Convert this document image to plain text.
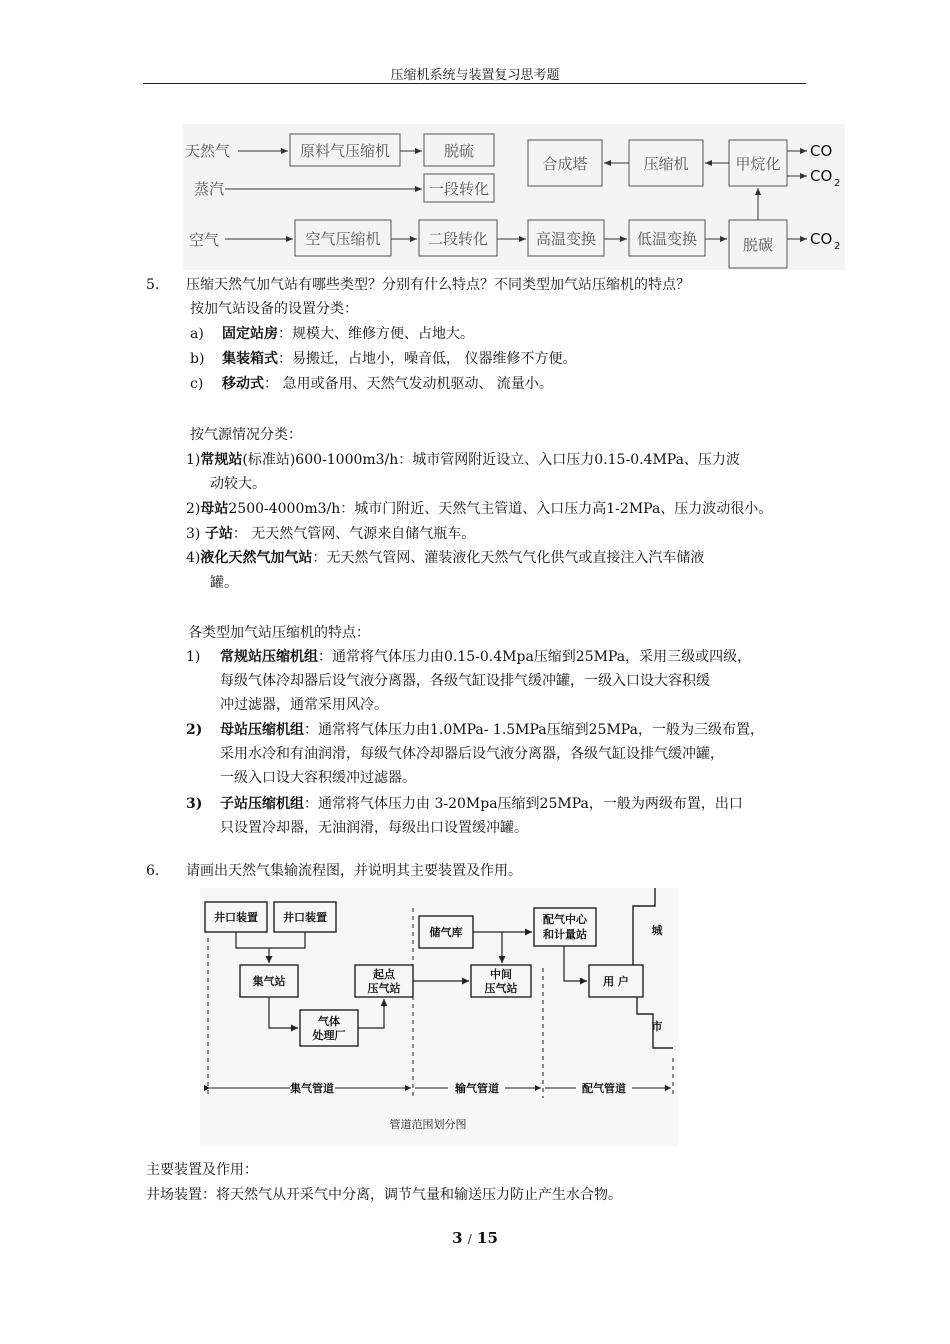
压缩机系统与装置复习思考题
天然气
蒸汽
空气
原料气压缩机	脱硫
一段转化
合成塔	压缩机	甲烷化
空气压缩机	二段转化	高温变换	低温变换	脱碳
CO
CO 2
CO 2
5. 压缩天然气加气站有哪些类型？分别有什么特点？不同类型加气站压缩机的特点？
按加气站设备的设置分类：
a) 固定站房：规模大、维修方便、占地大。
b) 集装箱式：易搬迁，占地小，噪音低， 仪器维修不方便。
c) 移动式： 急用或备用、天然气发动机驱动、 流量小。
按气源情况分类：
1)常规站(标准站)600-1000m3/h：城市管网附近设立、入口压力0.15-0.4MPa、压力波
动较大。
2)母站2500-4000m3/h：城市门附近、天然气主管道、入口压力高1-2MPa、压力波动很小。
3) 子站： 无天然气管网、气源来自储气瓶车。
4)液化天然气加气站：无天然气管网、灌装液化天然气气化供气或直接注入汽车储液
罐。
各类型加气站压缩机的特点：
1) 常规站压缩机组：通常将气体压力由0.15-0.4Mpa压缩到25MPa，采用三级或四级，
每级气体冷却器后设气液分离器，各级气缸设排气缓冲罐，一级入口设大容积缓
冲过滤器，通常采用风冷。
2) 母站压缩机组：通常将气体压力由1.0MPa- 1.5MPa压缩到25MPa，一般为三级布置，
采用水冷和有油润滑，每级气体冷却器后设气液分离器，各级气缸设排气缓冲罐，
一级入口设大容积缓冲过滤器。
3) 子站压缩机组：通常将气体压力由 3-20Mpa压缩到25MPa，一般为两级布置，出口
只设置冷却器，无油润滑，每级出口设置缓冲罐。
6. 请画出天然气集输流程图，并说明其主要装置及作用。
井口装置 井口装置
集气站
起点
压气站
气体
处理厂
储气库
中间
压气站
配气中心
和计量站
用 户
城
市
集气管道	输气管道	配气管道
管道范围划分图
主要装置及作用：
井场装置：将天然气从开采气中分离，调节气量和输送压力防止产生水合物。
3 / 15
